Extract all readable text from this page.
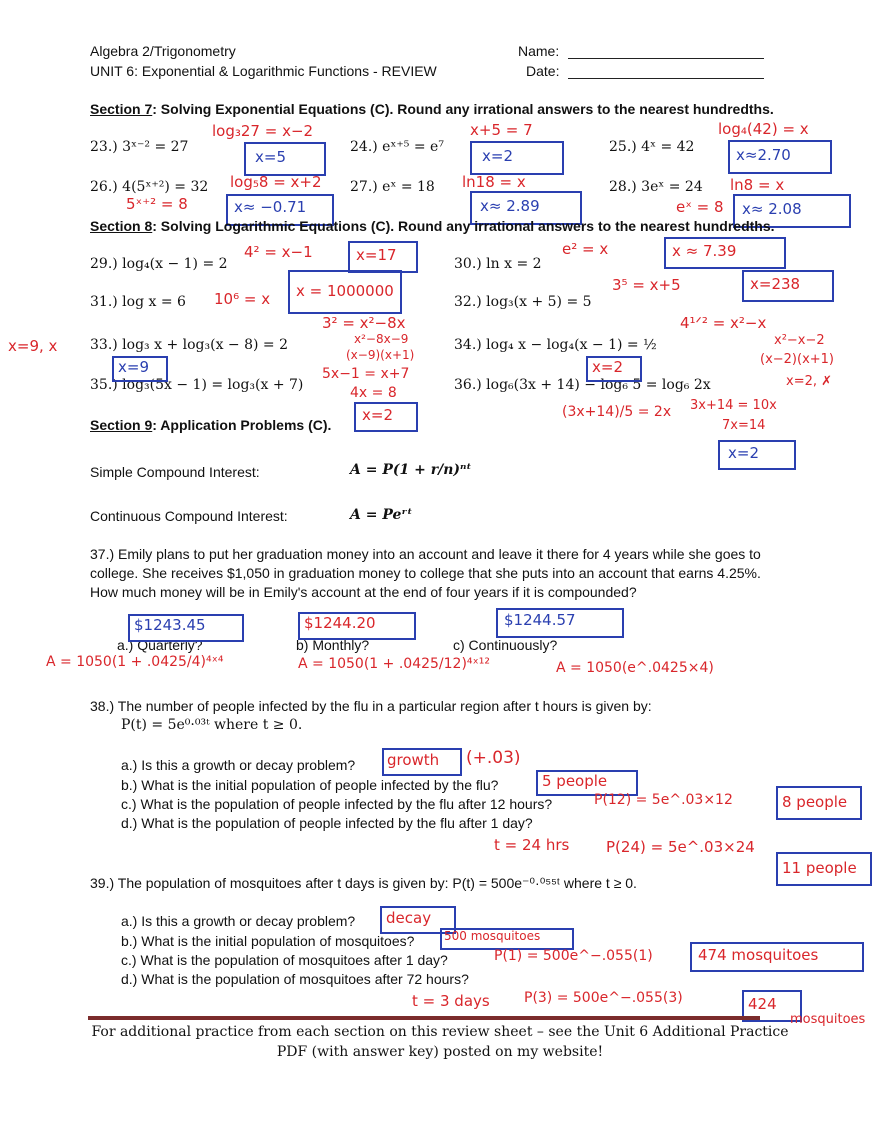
Algebra 2/Trigonometry
UNIT 6: Exponential & Logarithmic Functions - REVIEW
Name:
Date:
Section 7: Solving Exponential Equations (C). Round any irrational answers to the nearest hundredths.
23.) 3ˣ⁻² = 27	24.) eˣ⁺⁵ = e⁷	25.) 4ˣ = 42
26.) 4(5ˣ⁺²) = 32	27.) eˣ = 18	28.) 3eˣ = 24
log₃27 = x−2
x=5
x+5 = 7
x=2
log₄(42) = x
x≈2.70
log₅8 = x+2
5ˣ⁺² = 8	x≈ −0.71
ln18 = x
x≈ 2.89
ln8 = x
eˣ = 8 x≈ 2.08
Section 8: Solving Logarithmic Equations (C). Round any irrational answers to the nearest hundredths.
29.) log₄(x − 1) = 2	30.) ln x = 2
31.) log x = 6	32.) log₃(x + 5) = 5
33.) log₃ x + log₃(x − 8) = 2	34.) log₄ x − log₄(x − 1) = ½
35.) log₃(5x − 1) = log₃(x + 7)	36.) log₆(3x + 14) − log₆ 5 = log₆ 2x
4² = x−1	x=17	e² = x	x ≈ 7.39
10⁶ = x x = 1000000	3⁵ = x+5	x=238
3² = x²−8x
x²−8x−9
(x−9)(x+1)
x=9, x
x=9
4¹ᐟ² = x²−x
x²−x−2
(x−2)(x+1)
x=2, ✗
x=2
5x−1 = x+7
4x = 8
x=2	(3x+14)/5 = 2x 3x+14 = 10x
7x=14
x=2
Section 9: Application Problems (C).
Simple Compound Interest:	A = P(1 + r/n)ⁿᵗ
Continuous Compound Interest:	A = Peʳᵗ
37.) Emily plans to put her graduation money into an account and leave it there for 4 years while she goes to college. She receives $1,050 in graduation money to college that she puts into an account that earns 4.25%. How much money will be in Emily's account at the end of four years if it is compounded?
a.) Quarterly?	b) Monthly?	c) Continuously?
$1243.45
A = 1050(1 + .0425/4)⁴ˣ⁴
$1244.20
A = 1050(1 + .0425/12)⁴ˣ¹²
$1244.57
A = 1050(e^.0425×4)
38.) The number of people infected by the flu in a particular region after t hours is given by:
P(t) = 5e⁰·⁰³ᵗ where t ≥ 0.
a.) Is this a growth or decay problem?
b.) What is the initial population of people infected by the flu?
c.) What is the population of people infected by the flu after 12 hours?
d.) What is the population of people infected by the flu after 1 day?
growth (+.03)
5 people
P(12) = 5e^.03×12	8 people
t = 24 hrs P(24) = 5e^.03×24
11 people
39.) The population of mosquitoes after t days is given by: P(t) = 500e⁻⁰·⁰⁵⁵ᵗ where t ≥ 0.
a.) Is this a growth or decay problem?
b.) What is the initial population of mosquitoes?
c.) What is the population of mosquitoes after 1 day?
d.) What is the population of mosquitoes after 72 hours?
decay
500 mosquitoes
P(1) = 500e^−.055(1)	474 mosquitoes
t = 3 days P(3) = 500e^−.055(3)	424
mosquitoes
For additional practice from each section on this review sheet – see the Unit 6 Additional Practice
PDF (with answer key) posted on my website!
